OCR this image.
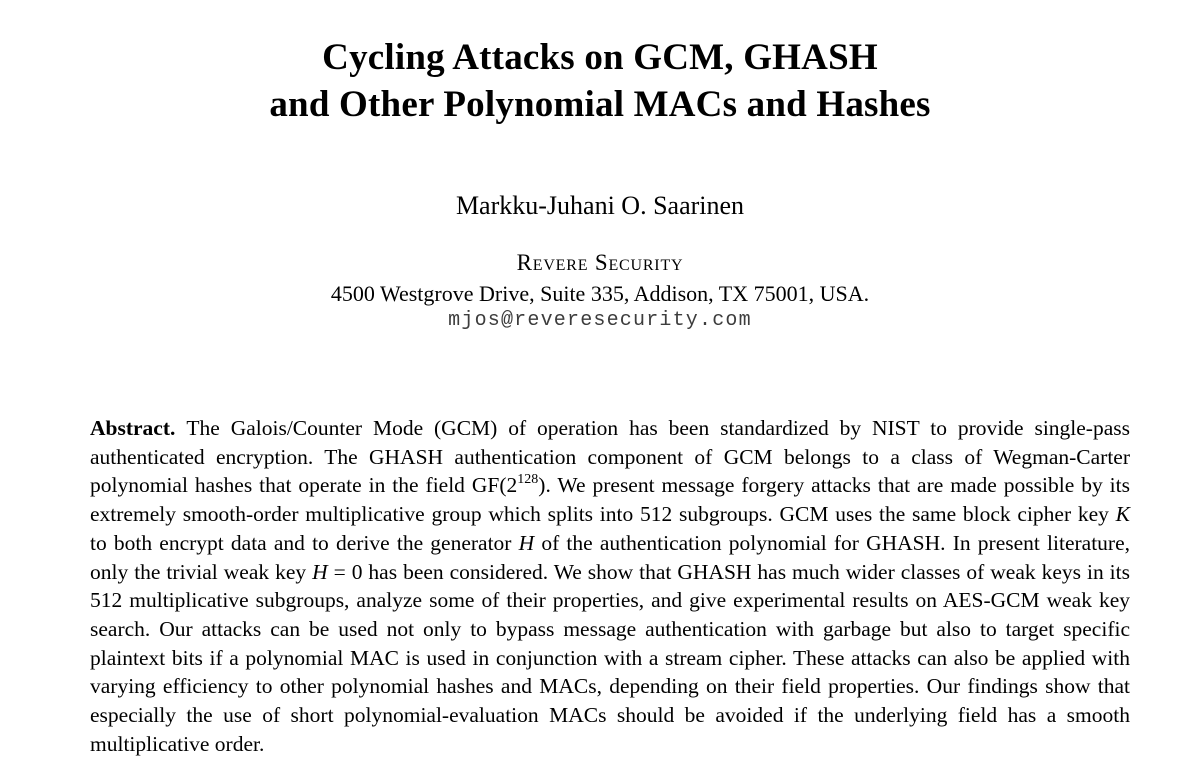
Cycling Attacks on GCM, GHASH
and Other Polynomial MACs and Hashes
Markku-Juhani O. Saarinen
Revere Security
4500 Westgrove Drive, Suite 335, Addison, TX 75001, USA.
mjos@reveresecurity.com

Abstract. The Galois/Counter Mode (GCM) of operation has been standardized by NIST to provide single-pass authenticated encryption. The GHASH authentication component of GCM belongs to a class of Wegman-Carter polynomial hashes that operate in the field $GF(2^{128})$. We present message forgery attacks that are made possible by its extremely smooth-order multiplicative group which splits into 512 subgroups. GCM uses the same block cipher key K to both encrypt data and to derive the generator H of the authentication polynomial for GHASH. In present literature, only the trivial weak key H = 0 has been considered. We show that GHASH has much wider classes of weak keys in its 512 multiplicative subgroups, analyze some of their properties, and give experimental results on AES-GCM weak key search. Our attacks can be used not only to bypass message authentication with garbage but also to target specific plaintext bits if a polynomial MAC is used in conjunction with a stream cipher. These attacks can also be applied with varying efficiency to other polynomial hashes and MACs, depending on their field properties. Our findings show that especially the use of short polynomial-evaluation MACs should be avoided if the underlying field has a smooth multiplicative order.
